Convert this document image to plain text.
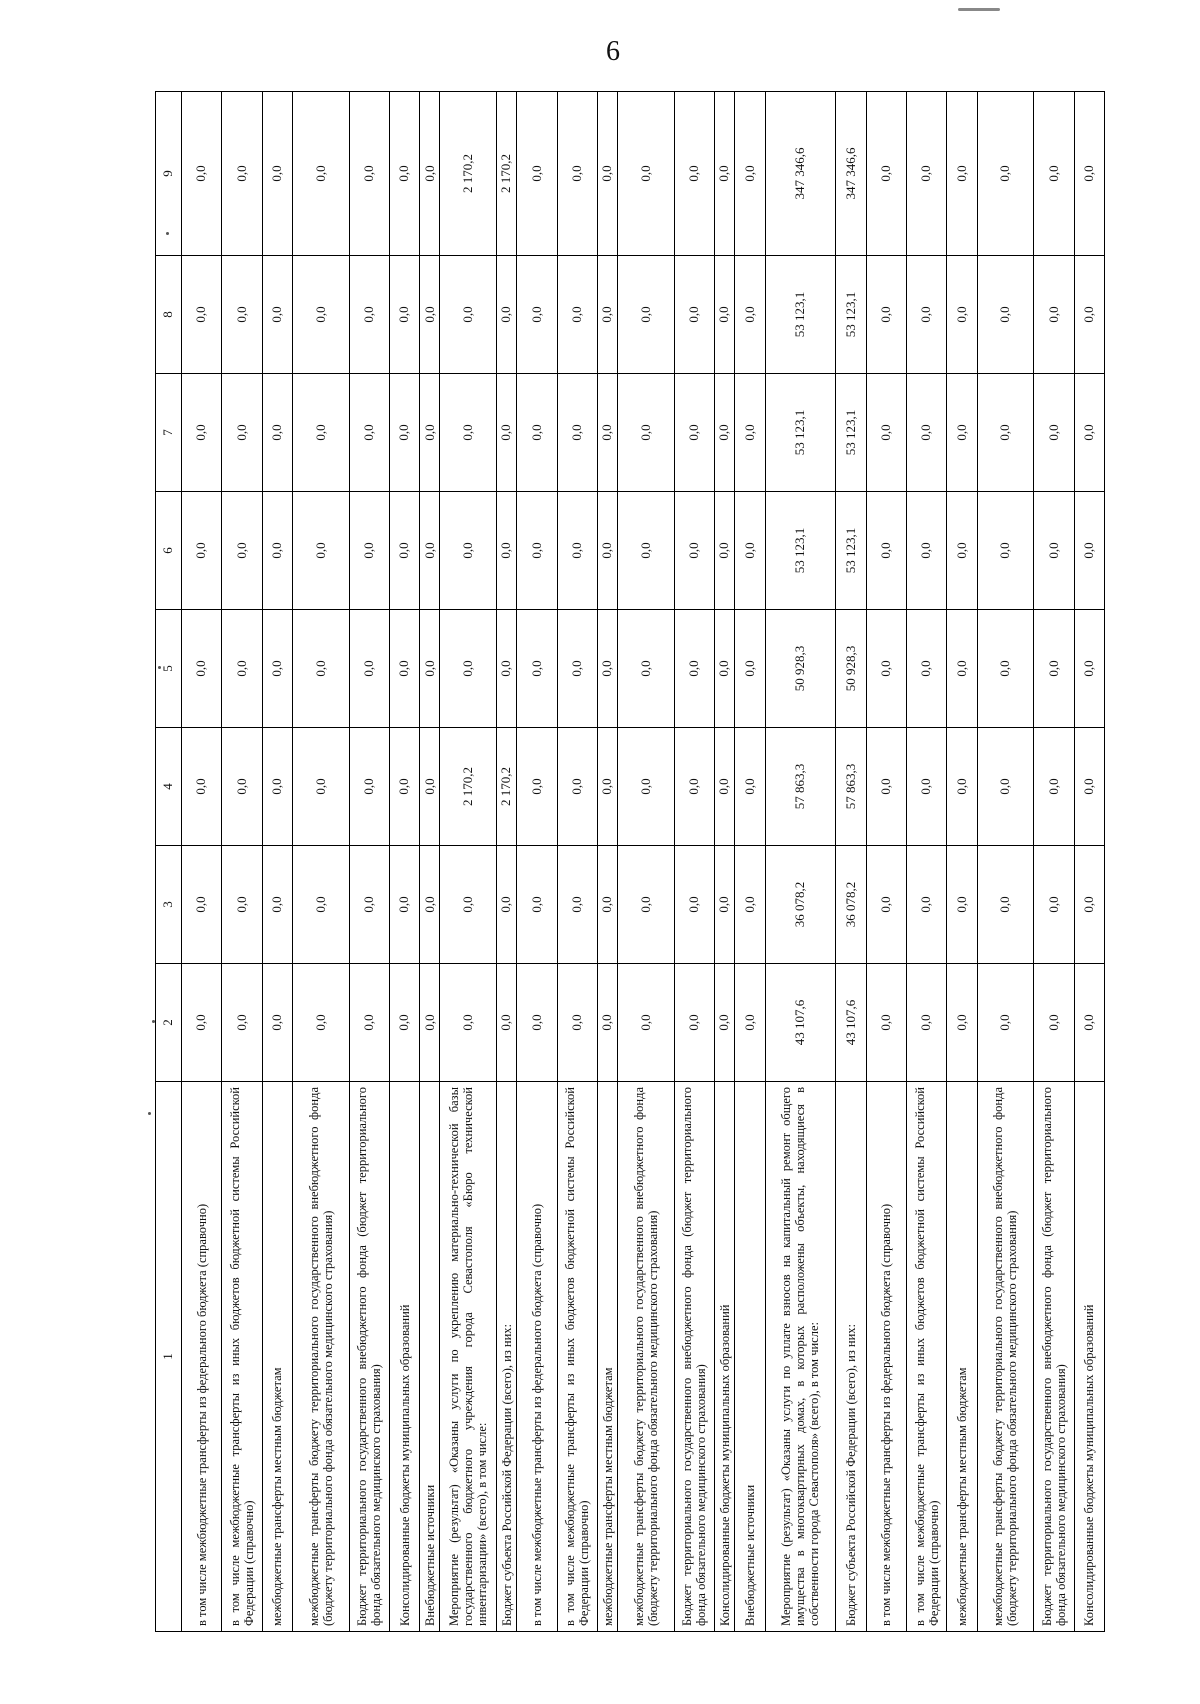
6
1	2	3	4	5	6	7	8	9
в том числе межбюджетные трансферты из федерального бюджета (справочно)	0,0	0,0	0,0	0,0	0,0	0,0	0,0	0,0
в том числе межбюджетные трансферты из иных бюджетов бюджетной системы Российской Федерации (справочно)	0,0	0,0	0,0	0,0	0,0	0,0	0,0	0,0
межбюджетные трансферты местным бюджетам	0,0	0,0	0,0	0,0	0,0	0,0	0,0	0,0
межбюджетные трансферты бюджету территориального государственного внебюджетного фонда (бюджету территориального фонда обязательного медицинского страхования)	0,0	0,0	0,0	0,0	0,0	0,0	0,0	0,0
Бюджет территориального государственного внебюджетного фонда (бюджет территориального фонда обязательного медицинского страхования)	0,0	0,0	0,0	0,0	0,0	0,0	0,0	0,0
Консолидированные бюджеты муниципальных образований	0,0	0,0	0,0	0,0	0,0	0,0	0,0	0,0
Внебюджетные источники	0,0	0,0	0,0	0,0	0,0	0,0	0,0	0,0
Мероприятие (результат) «Оказаны услуги по укреплению материально-технической базы государственного бюджетного учреждения города Севастополя «Бюро технической инвентаризации» (всего), в том числе:	0,0	0,0	2 170,2	0,0	0,0	0,0	0,0	2 170,2
Бюджет субъекта Российской Федерации (всего), из них:	0,0	0,0	2 170,2	0,0	0,0	0,0	0,0	2 170,2
в том числе межбюджетные трансферты из федерального бюджета (справочно)	0,0	0,0	0,0	0,0	0,0	0,0	0,0	0,0
в том числе межбюджетные трансферты из иных бюджетов бюджетной системы Российской Федерации (справочно)	0,0	0,0	0,0	0,0	0,0	0,0	0,0	0,0
межбюджетные трансферты местным бюджетам	0,0	0,0	0,0	0,0	0,0	0,0	0,0	0,0
межбюджетные трансферты бюджету территориального государственного внебюджетного фонда (бюджету территориального фонда обязательного медицинского страхования)	0,0	0,0	0,0	0,0	0,0	0,0	0,0	0,0
Бюджет территориального государственного внебюджетного фонда (бюджет территориального фонда обязательного медицинского страхования)	0,0	0,0	0,0	0,0	0,0	0,0	0,0	0,0
Консолидированные бюджеты муниципальных образований	0,0	0,0	0,0	0,0	0,0	0,0	0,0	0,0
Внебюджетные источники	0,0	0,0	0,0	0,0	0,0	0,0	0,0	0,0
Мероприятие (результат) «Оказаны услуги по уплате взносов на капитальный ремонт общего имущества в многоквартирных домах, в которых расположены объекты, находящиеся в собственности города Севастополя» (всего), в том числе:	43 107,6	36 078,2	57 863,3	50 928,3	53 123,1	53 123,1	53 123,1	347 346,6
Бюджет субъекта Российской Федерации (всего), из них:	43 107,6	36 078,2	57 863,3	50 928,3	53 123,1	53 123,1	53 123,1	347 346,6
в том числе межбюджетные трансферты из федерального бюджета (справочно)	0,0	0,0	0,0	0,0	0,0	0,0	0,0	0,0
в том числе межбюджетные трансферты из иных бюджетов бюджетной системы Российской Федерации (справочно)	0,0	0,0	0,0	0,0	0,0	0,0	0,0	0,0
межбюджетные трансферты местным бюджетам	0,0	0,0	0,0	0,0	0,0	0,0	0,0	0,0
межбюджетные трансферты бюджету территориального государственного внебюджетного фонда (бюджету территориального фонда обязательного медицинского страхования)	0,0	0,0	0,0	0,0	0,0	0,0	0,0	0,0
Бюджет территориального государственного внебюджетного фонда (бюджет территориального фонда обязательного медицинского страхования)	0,0	0,0	0,0	0,0	0,0	0,0	0,0	0,0
Консолидированные бюджеты муниципальных образований	0,0	0,0	0,0	0,0	0,0	0,0	0,0	0,0
